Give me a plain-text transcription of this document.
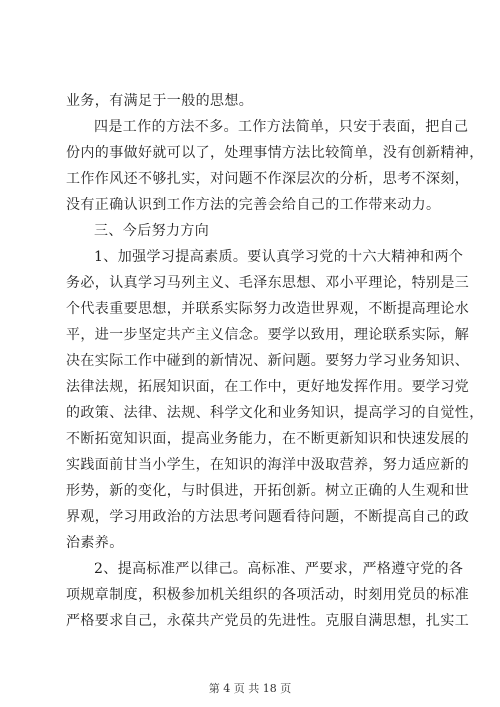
业务，有满足于一般的思想。
四是工作的方法不多。工作方法简单，只安于表面，把自己
份内的事做好就可以了，处理事情方法比较简单，没有创新精神，
工作作风还不够扎实，对问题不作深层次的分析，思考不深刻，
没有正确认识到工作方法的完善会给自己的工作带来动力。
三、今后努力方向
1、加强学习提高素质。要认真学习党的十六大精神和两个
务必，认真学习马列主义、毛泽东思想、邓小平理论，特别是三
个代表重要思想，并联系实际努力改造世界观，不断提高理论水
平，进一步坚定共产主义信念。要学以致用，理论联系实际，解
决在实际工作中碰到的新情况、新问题。要努力学习业务知识、
法律法规，拓展知识面，在工作中，更好地发挥作用。要学习党
的政策、法律、法规、科学文化和业务知识，提高学习的自觉性，
不断拓宽知识面，提高业务能力，在不断更新知识和快速发展的
实践面前甘当小学生，在知识的海洋中汲取营养，努力适应新的
形势，新的变化，与时俱进，开拓创新。树立正确的人生观和世
界观，学习用政治的方法思考问题看待问题，不断提高自己的政
治素养。
2、提高标准严以律己。高标准、严要求，严格遵守党的各
项规章制度，积极参加机关组织的各项活动，时刻用党员的标准
严格要求自己，永葆共产党员的先进性。克服自满思想，扎实工
第 4 页 共 18 页
